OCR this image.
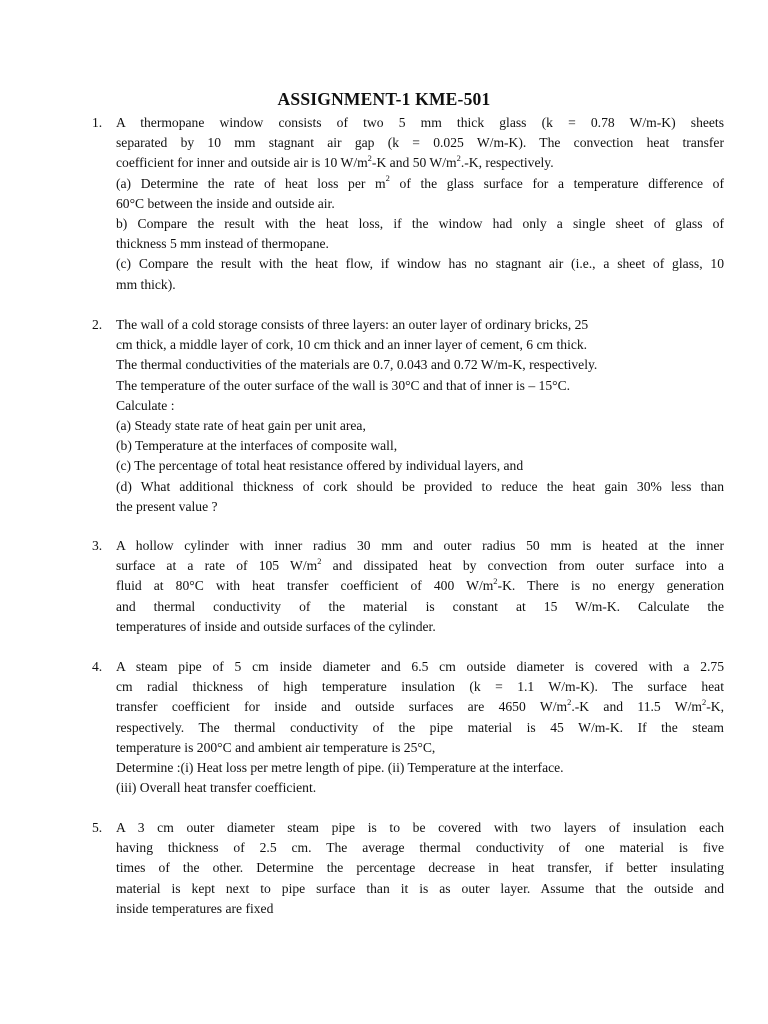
ASSIGNMENT-1 KME-501
1.	A thermopane window consists of two 5 mm thick glass (k = 0.78 W/m-K) sheets
separated by 10 mm stagnant air gap (k = 0.025 W/m-K). The convection heat transfer
coefficient for inner and outside air is 10 $W/m^2-K$ and 50 $W/m^2.-K$, respectively.
(a) Determine the rate of heat loss per $m^2$ of the glass surface for a temperature difference of
60°C between the inside and outside air.
b) Compare the result with the heat loss, if the window had only a single sheet of glass of
thickness 5 mm instead of thermopane.
(c) Compare the result with the heat flow, if window has no stagnant air (i.e., a sheet of glass, 10
mm thick).
2.	The wall of a cold storage consists of three layers: an outer layer of ordinary bricks, 25
cm thick, a middle layer of cork, 10 cm thick and an inner layer of cement, 6 cm thick.
The thermal conductivities of the materials are 0.7, 0.043 and 0.72 W/m-K, respectively.
The temperature of the outer surface of the wall is 30°C and that of inner is – 15°C.
Calculate :
(a) Steady state rate of heat gain per unit area,
(b) Temperature at the interfaces of composite wall,
(c) The percentage of total heat resistance offered by individual layers, and
(d) What additional thickness of cork should be provided to reduce the heat gain 30% less than
the present value ?
3.	A hollow cylinder with inner radius 30 mm and outer radius 50 mm is heated at the inner
surface at a rate of 105 $W/m^2$ and dissipated heat by convection from outer surface into a
fluid at 80°C with heat transfer coefficient of 400 $W/m^2-K$. There is no energy generation
and thermal conductivity of the material is constant at 15 W/m-K. Calculate the
temperatures of inside and outside surfaces of the cylinder.
4.	A steam pipe of 5 cm inside diameter and 6.5 cm outside diameter is covered with a 2.75
cm radial thickness of high temperature insulation (k = 1.1 W/m-K). The surface heat
transfer coefficient for inside and outside surfaces are 4650 $W/m^2.-K$ and 11.5 $W/m^2-K$,
respectively. The thermal conductivity of the pipe material is 45 W/m-K. If the steam
temperature is 200°C and ambient air temperature is 25°C,
Determine :(i) Heat loss per metre length of pipe. (ii) Temperature at the interface.
(iii) Overall heat transfer coefficient.
5.	A 3 cm outer diameter steam pipe is to be covered with two layers of insulation each
having thickness of 2.5 cm. The average thermal conductivity of one material is five
times of the other. Determine the percentage decrease in heat transfer, if better insulating
material is kept next to pipe surface than it is as outer layer. Assume that the outside and
inside temperatures are fixed
